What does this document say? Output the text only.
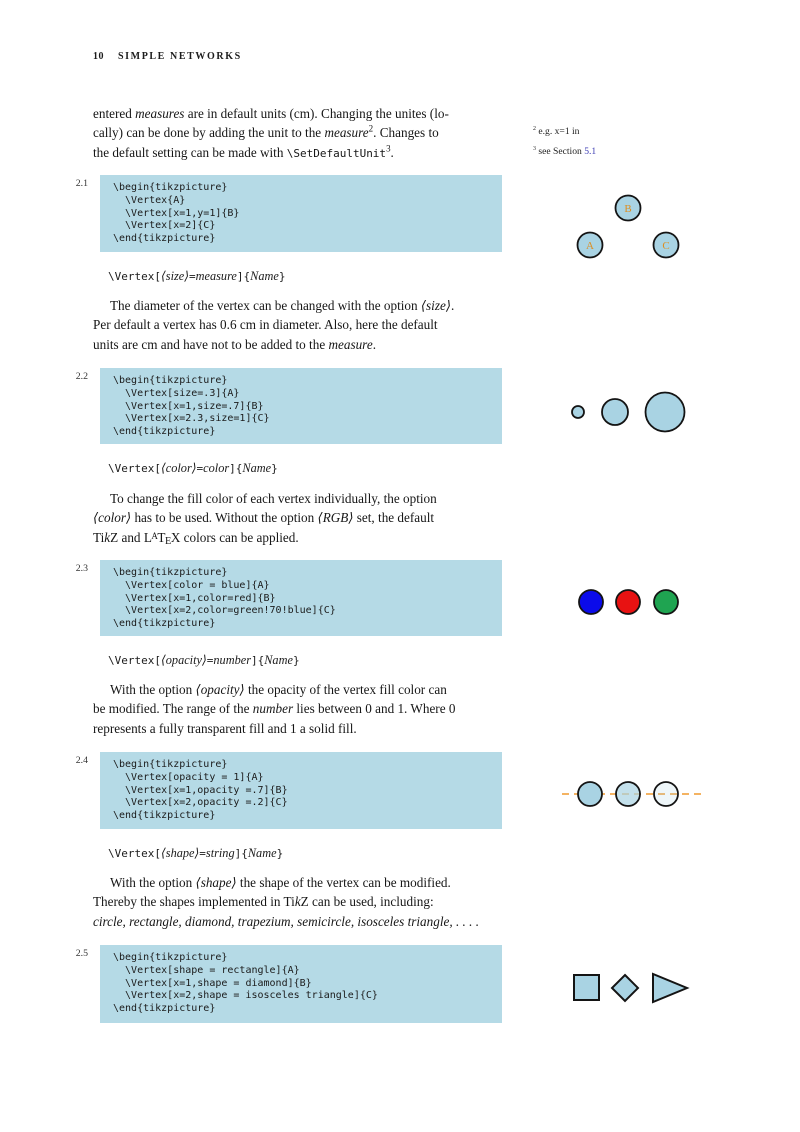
10 SIMPLE NETWORKS
entered measures are in default units (cm). Changing the unites (lo-
cally) can be done by adding the unit to the measure$^2$. Changes to
the default setting can be made with \SetDefaultUnit$^3$.
$^2$ e.g. x=1 in
$^3$ see Section 5.1
2.1	\begin{tikzpicture}
\Vertex{A}
\Vertex[x=1,y=1]{B}
\Vertex[x=2]{C}
\end{tikzpicture}
B
A	C
\Vertex[⟨size⟩=measure]{Name}
The diameter of the vertex can be changed with the option ⟨size⟩.
Per default a vertex has 0.6 cm in diameter. Also, here the default
units are cm and have not to be added to the measure.
2.2	\begin{tikzpicture}
\Vertex[size=.3]{A}
\Vertex[x=1,size=.7]{B}
\Vertex[x=2.3,size=1]{C}
\end{tikzpicture}
\Vertex[⟨color⟩=color]{Name}
To change the fill color of each vertex individually, the option
⟨color⟩ has to be used. Without the option ⟨RGB⟩ set, the default
TikZ and $L^ATEX$ colors can be applied.
2.3	\begin{tikzpicture}
\Vertex[color = blue]{A}
\Vertex[x=1,color=red]{B}
\Vertex[x=2,color=green!70!blue]{C}
\end{tikzpicture}
\Vertex[⟨opacity⟩=number]{Name}
With the option ⟨opacity⟩ the opacity of the vertex fill color can
be modified. The range of the number lies between 0 and 1. Where 0
represents a fully transparent fill and 1 a solid fill.
2.4	\begin{tikzpicture}
\Vertex[opacity = 1]{A}
\Vertex[x=1,opacity =.7]{B}
\Vertex[x=2,opacity =.2]{C}
\end{tikzpicture}
\Vertex[⟨shape⟩=string]{Name}
With the option ⟨shape⟩ the shape of the vertex can be modified.
Thereby the shapes implemented in TikZ can be used, including:
circle, rectangle, diamond, trapezium, semicircle, isosceles triangle, . . . .
2.5	\begin{tikzpicture}
\Vertex[shape = rectangle]{A}
\Vertex[x=1,shape = diamond]{B}
\Vertex[x=2,shape = isosceles triangle]{C}
\end{tikzpicture}
